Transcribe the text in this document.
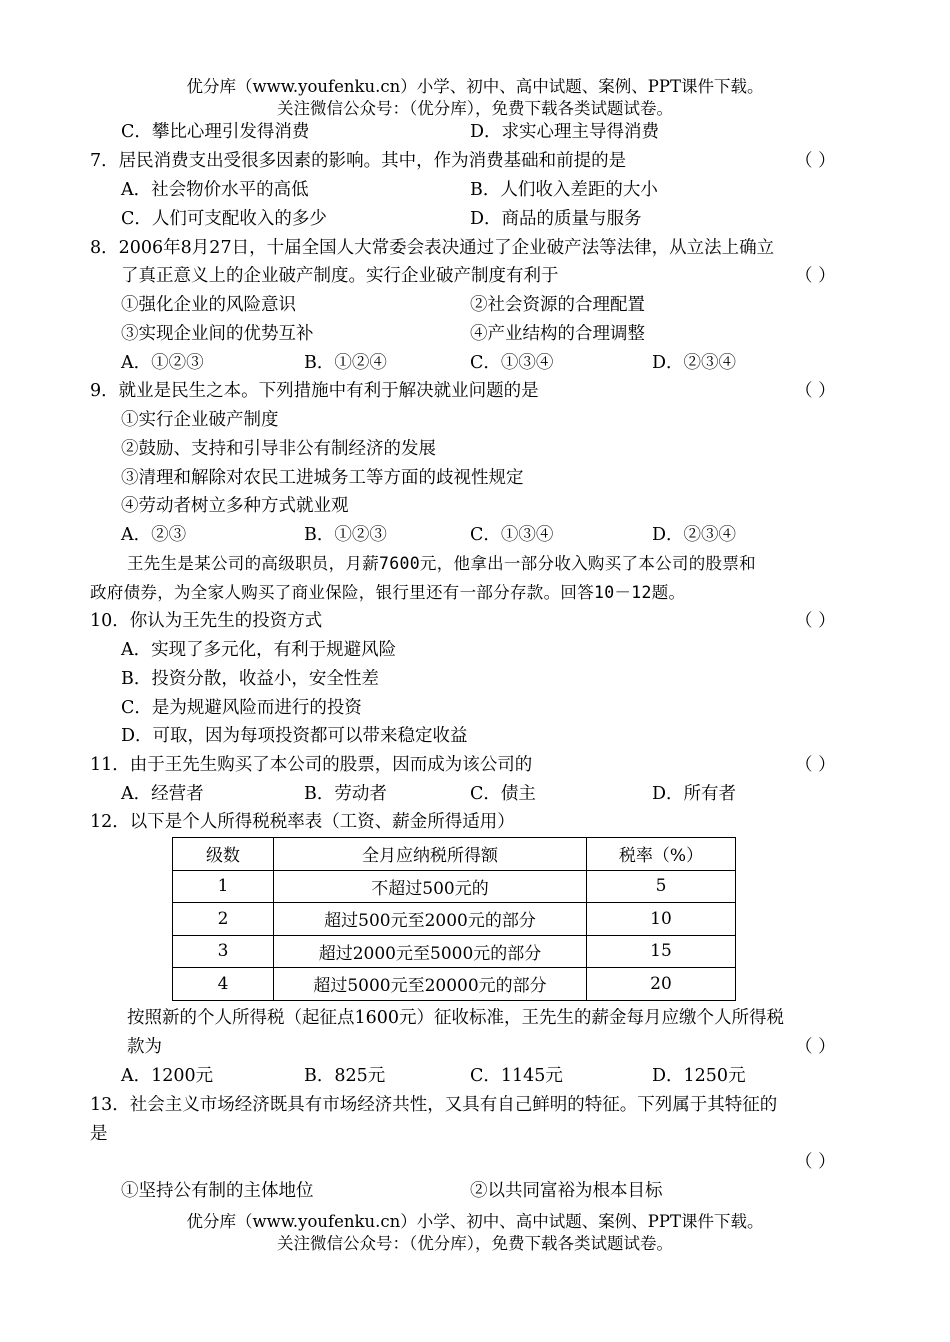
优分库（www.youfenku.cn）小学、初中、高中试题、案例、PPT课件下载。
关注微信公众号：（优分库），免费下载各类试题试卷。
C．攀比心理引发得消费	D．求实心理主导得消费
7．居民消费支出受很多因素的影响。其中，作为消费基础和前提的是	（ ）
A．社会物价水平的高低	B．人们收入差距的大小
C．人们可支配收入的多少	D．商品的质量与服务
8．2006年8月27日，十届全国人大常委会表决通过了企业破产法等法律，从立法上确立
了真正意义上的企业破产制度。实行企业破产制度有利于	（ ）
①强化企业的风险意识	②社会资源的合理配置
③实现企业间的优势互补	④产业结构的合理调整
A．①②③	B．①②④	C．①③④	D．②③④
9．就业是民生之本。下列措施中有利于解决就业问题的是	（ ）
①实行企业破产制度
②鼓励、支持和引导非公有制经济的发展
③清理和解除对农民工进城务工等方面的歧视性规定
④劳动者树立多种方式就业观
A．②③	B．①②③	C．①③④	D．②③④
王先生是某公司的高级职员，月薪7600元，他拿出一部分收入购买了本公司的股票和
政府债券，为全家人购买了商业保险，银行里还有一部分存款。回答10－12题。
10．你认为王先生的投资方式	（ ）
A．实现了多元化，有利于规避风险
B．投资分散，收益小，安全性差
C．是为规避风险而进行的投资
D．可取，因为每项投资都可以带来稳定收益
11．由于王先生购买了本公司的股票，因而成为该公司的	（ ）
A．经营者	B．劳动者	C．债主	D．所有者
12．以下是个人所得税税率表（工资、薪金所得适用）
级数	全月应纳税所得额	税率（%）
1	不超过500元的	5
2	超过500元至2000元的部分	10
3	超过2000元至5000元的部分	15
4	超过5000元至20000元的部分	20
按照新的个人所得税（起征点1600元）征收标准，王先生的薪金每月应缴个人所得税
款为	（ ）
A．1200元	B．825元	C．1145元	D．1250元
13．社会主义市场经济既具有市场经济共性，又具有自己鲜明的特征。下列属于其特征的
是
（ ）
①坚持公有制的主体地位	②以共同富裕为根本目标
优分库（www.youfenku.cn）小学、初中、高中试题、案例、PPT课件下载。
关注微信公众号：（优分库），免费下载各类试题试卷。
